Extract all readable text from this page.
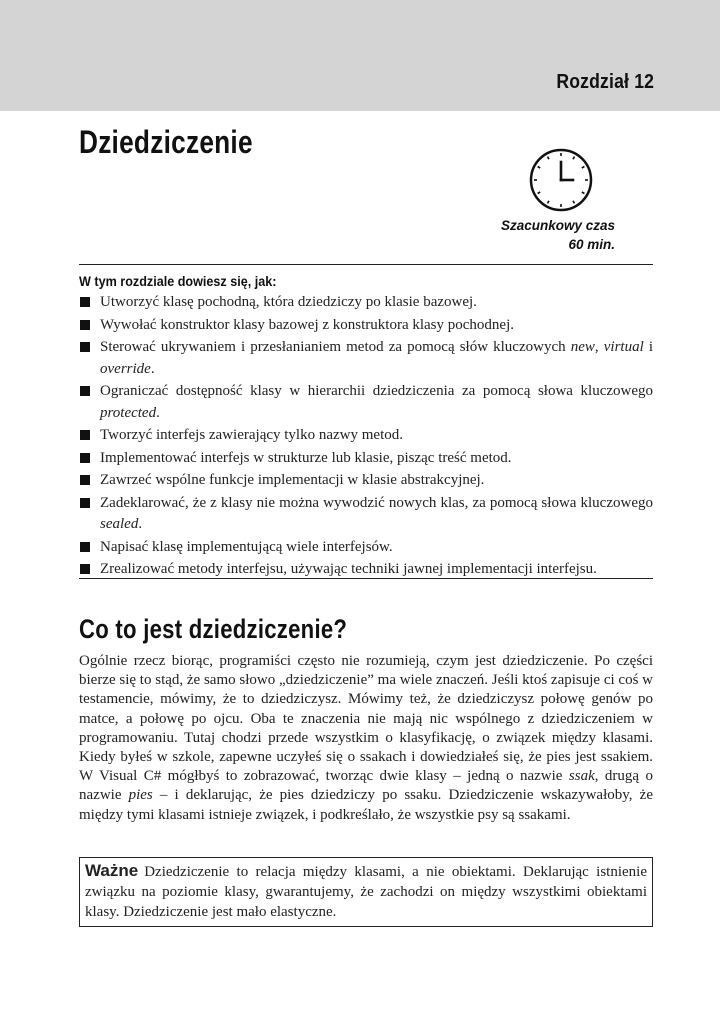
Rozdział 12
Dziedziczenie
Szacunkowy czas
60 min.
W tym rozdziale dowiesz się, jak:
Utworzyć klasę pochodną, która dziedziczy po klasie bazowej.
Wywołać konstruktor klasy bazowej z konstruktora klasy pochodnej.
Sterować ukrywaniem i przesłanianiem metod za pomocą słów kluczowych new, virtual i override.
Ograniczać dostępność klasy w hierarchii dziedziczenia za pomocą słowa kluczowego protected.
Tworzyć interfejs zawierający tylko nazwy metod.
Implementować interfejs w strukturze lub klasie, pisząc treść metod.
Zawrzeć wspólne funkcje implementacji w klasie abstrakcyjnej.
Zadeklarować, że z klasy nie można wywodzić nowych klas, za pomocą słowa kluczowego sealed.
Napisać klasę implementującą wiele interfejsów.
Zrealizować metody interfejsu, używając techniki jawnej implementacji interfejsu.
Co to jest dziedziczenie?

Ogólnie rzecz biorąc, programiści często nie rozumieją, czym jest dziedziczenie. Po części bierze się to stąd, że samo słowo „dziedziczenie” ma wiele znaczeń. Jeśli ktoś zapisuje ci coś w testamencie, mówimy, że to dziedziczysz. Mówimy też, że dziedziczysz połowę genów po matce, a połowę po ojcu. Oba te znaczenia nie mają nic wspólnego z dziedziczeniem w programowaniu. Tutaj chodzi przede wszystkim o klasyfikację, o związek między klasami. Kiedy byłeś w szkole, zapewne uczyłeś się o ssakach i dowiedziałeś się, że pies jest ssakiem. W Visual C# mógłbyś to zobrazować, tworząc dwie klasy – jedną o nazwie ssak, drugą o nazwie pies – i deklarując, że pies dziedziczy po ssaku. Dziedziczenie wskazywałoby, że między tymi klasami istnieje związek, i podkreślało, że wszystkie psy są ssakami.

Ważne Dziedziczenie to relacja między klasami, a nie obiektami. Deklarując istnienie związku na poziomie klasy, gwarantujemy, że zachodzi on między wszystkimi obiektami klasy. Dziedziczenie jest mało elastyczne.
